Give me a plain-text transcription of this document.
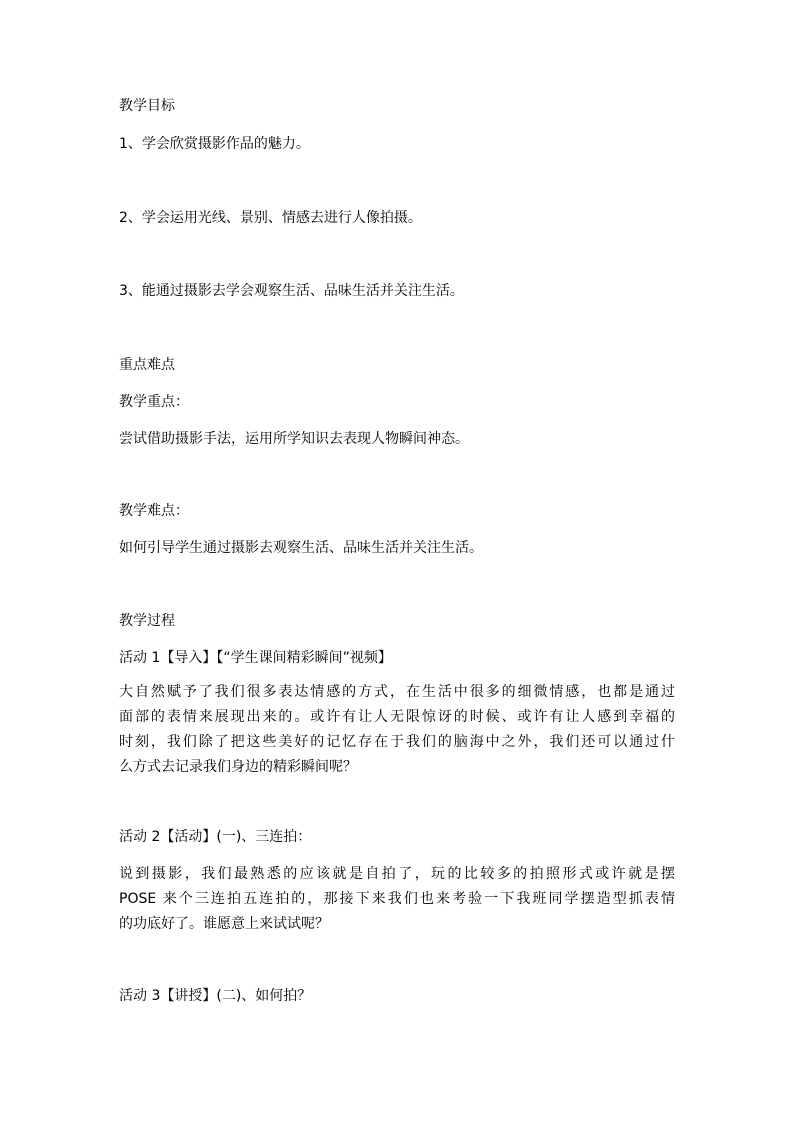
教学目标
1、学会欣赏摄影作品的魅力。
2、学会运用光线、景别、情感去进行人像拍摄。
3、能通过摄影去学会观察生活、品味生活并关注生活。
重点难点
教学重点：
尝试借助摄影手法，运用所学知识去表现人物瞬间神态。
教学难点：
如何引导学生通过摄影去观察生活、品味生活并关注生活。
教学过程
活动 1【导入】【“学生课间精彩瞬间”视频】
大自然赋予了我们很多表达情感的方式，在生活中很多的细微情感，也都是通过
面部的表情来展现出来的。或许有让人无限惊讶的时候、或许有让人感到幸福的
时刻，我们除了把这些美好的记忆存在于我们的脑海中之外，我们还可以通过什
么方式去记录我们身边的精彩瞬间呢？
活动 2【活动】(一)、三连拍：
说到摄影，我们最熟悉的应该就是自拍了，玩的比较多的拍照形式或许就是摆
POSE 来个三连拍五连拍的，那接下来我们也来考验一下我班同学摆造型抓表情
的功底好了。谁愿意上来试试呢？
活动 3【讲授】(二)、如何拍？
